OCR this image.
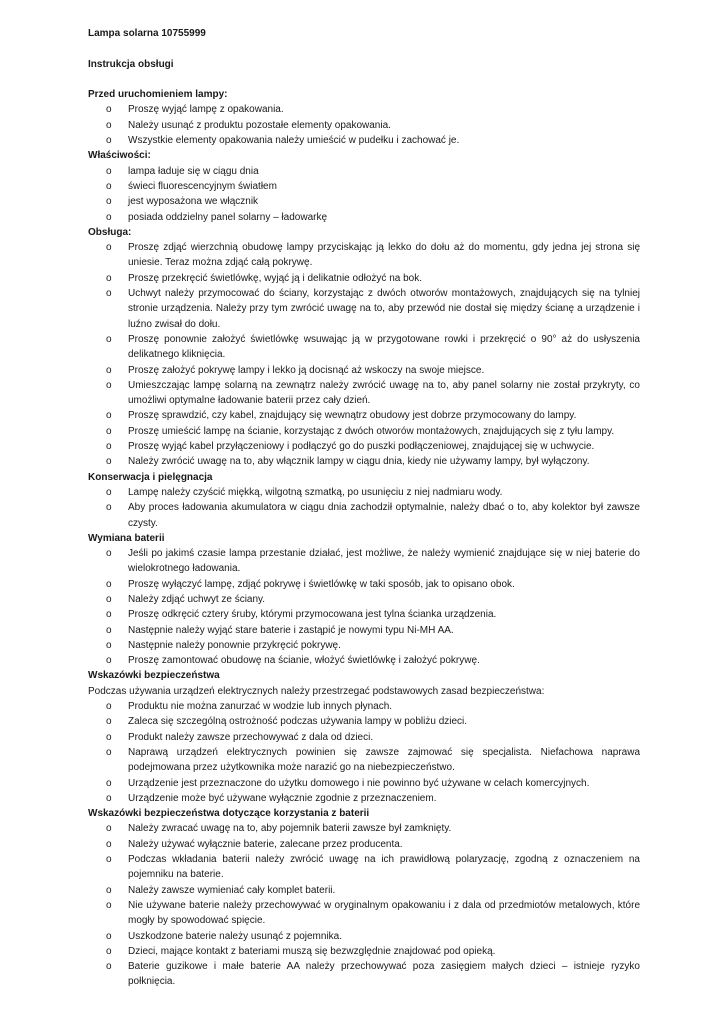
Lampa solarna 10755999
Instrukcja obsługi
Przed uruchomieniem lampy:
o Proszę wyjąć lampę z opakowania.
o Należy usunąć z produktu pozostałe elementy opakowania.
o Wszystkie elementy opakowania należy umieścić w pudełku i zachować je.
Właściwości:
o lampa ładuje się w ciągu dnia
o świeci fluorescencyjnym światłem
o jest wyposażona we włącznik
o posiada oddzielny panel solarny – ładowarkę
Obsługa:
o Proszę zdjąć wierzchnią obudowę lampy przyciskając ją lekko do dołu aż do momentu, gdy jedna jej strona się uniesie. Teraz można zdjąć całą pokrywę.
o Proszę przekręcić świetlówkę, wyjąć ją i delikatnie odłożyć na bok.
o Uchwyt należy przymocować do ściany, korzystając z dwóch otworów montażowych, znajdujących się na tylniej stronie urządzenia. Należy przy tym zwrócić uwagę na to, aby przewód nie dostał się między ścianę a urządzenie i luźno zwisał do dołu.
o Proszę ponownie założyć świetlówkę wsuwając ją w przygotowane rowki i przekręcić o 90° aż do usłyszenia delikatnego kliknięcia.
o Proszę założyć pokrywę lampy i lekko ją docisnąć aż wskoczy na swoje miejsce.
o Umieszczając lampę solarną na zewnątrz należy zwrócić uwagę na to, aby panel solarny nie został przykryty, co umożliwi optymalne ładowanie baterii przez cały dzień.
o Proszę sprawdzić, czy kabel, znajdujący się wewnątrz obudowy jest dobrze przymocowany do lampy.
o Proszę umieścić lampę na ścianie, korzystając z dwóch otworów montażowych, znajdujących się z tyłu lampy.
o Proszę wyjąć kabel przyłączeniowy i podłączyć go do puszki podłączeniowej, znajdującej się w uchwycie.
o Należy zwrócić uwagę na to, aby włącznik lampy w ciągu dnia, kiedy nie używamy lampy, był wyłączony.
Konserwacja i pielęgnacja
o Lampę należy czyścić miękką, wilgotną szmatką, po usunięciu z niej nadmiaru wody.
o Aby proces ładowania akumulatora w ciągu dnia zachodził optymalnie, należy dbać o to, aby kolektor był zawsze czysty.
Wymiana baterii
o Jeśli po jakimś czasie lampa przestanie działać, jest możliwe, że należy wymienić znajdujące się w niej baterie do wielokrotnego ładowania.
o Proszę wyłączyć lampę, zdjąć pokrywę i świetlówkę w taki sposób, jak to opisano obok.
o Należy zdjąć uchwyt ze ściany.
o Proszę odkręcić cztery śruby, którymi przymocowana jest tylna ścianka urządzenia.
o Następnie należy wyjąć stare baterie i zastąpić je nowymi typu Ni-MH AA.
o Następnie należy ponownie przykręcić pokrywę.
o Proszę zamontować obudowę na ścianie, włożyć świetlówkę i założyć pokrywę.
Wskazówki bezpieczeństwa
Podczas używania urządzeń elektrycznych należy przestrzegać podstawowych zasad bezpieczeństwa:
o Produktu nie można zanurzać w wodzie lub innych płynach.
o Zaleca się szczególną ostrożność podczas używania lampy w pobliżu dzieci.
o Produkt należy zawsze przechowywać z dala od dzieci.
o Naprawą urządzeń elektrycznych powinien się zawsze zajmować się specjalista. Niefachowa naprawa podejmowana przez użytkownika może narazić go na niebezpieczeństwo.
o Urządzenie jest przeznaczone do użytku domowego i nie powinno być używane w celach komercyjnych.
o Urządzenie może być używane wyłącznie zgodnie z przeznaczeniem.
Wskazówki bezpieczeństwa dotyczące korzystania z baterii
o Należy zwracać uwagę na to, aby pojemnik baterii zawsze był zamknięty.
o Należy używać wyłącznie baterie, zalecane przez producenta.
o Podczas wkładania baterii należy zwrócić uwagę na ich prawidłową polaryzację, zgodną z oznaczeniem na pojemniku na baterie.
o Należy zawsze wymieniać cały komplet baterii.
o Nie używane baterie należy przechowywać w oryginalnym opakowaniu i z dala od przedmiotów metalowych, które mogły by spowodować spięcie.
o Uszkodzone baterie należy usunąć z pojemnika.
o Dzieci, mające kontakt z bateriami muszą się bezwzględnie znajdować pod opieką.
o Baterie guzikowe i małe baterie AA należy przechowywać poza zasięgiem małych dzieci – istnieje ryzyko połknięcia.
